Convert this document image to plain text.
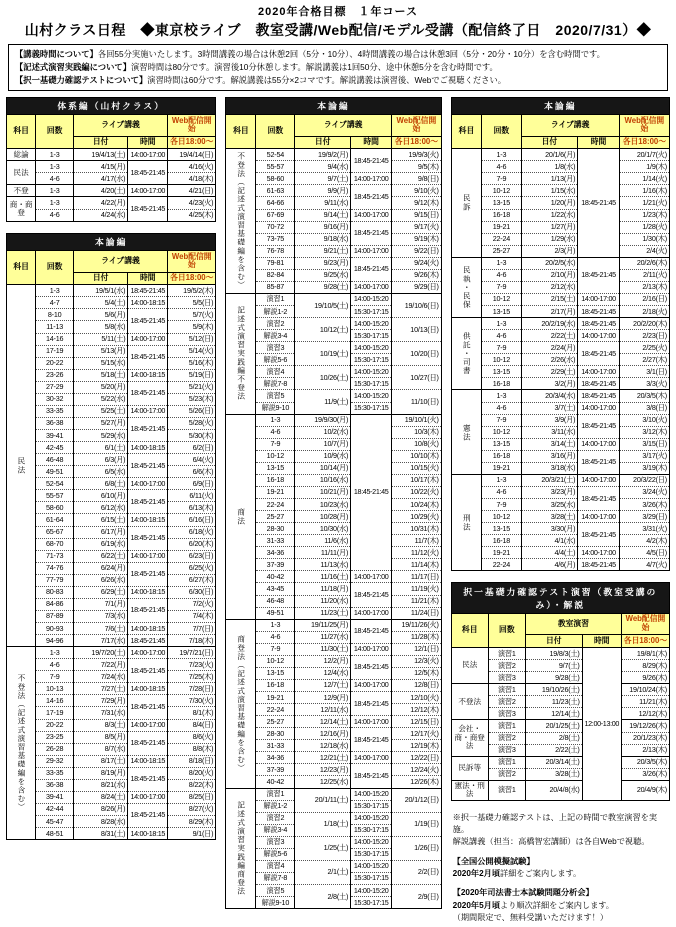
2020年合格目標　１年コース
山村クラス日程　◆東京校ライブ　教室受講/Web配信/モデル受講（配信終了日　2020/7/31）◆
【講義時間について】各回55分実施いたします。3時間講義の場合は休憩2回（5分・10分）、4時間講義の場合は休憩3回（5分・20分・10分）を含む時間です。
【記述式演習実践編について】演習時間は80分です。演習後10分休憩します。解説講義は1回50分、途中休憩5分を含む時間です。
【択一基礎力確認テストについて】演習時間は60分です。解説講義は55分×2コマです。解説講義は演習後、Webでご視聴ください。
体系編（山村クラス）
科目	回数	ライブ講義		Web配信開始
		日付	時間	各日18:00～
総論	1-3	19/4/13(土)	14:00-17:00	19/4/14(日)
民法	1-3	4/15(月)	18:45-21:45	4/16(火)
	4-6	4/17(水)		4/18(木)
不登	1-3	4/20(土)	14:00-17:00	4/21(日)
商・商登	1-3	4/22(月)	18:45-21:45	4/23(火)
	4-6	4/24(水)		4/25(木)
本論編
科目	回数	ライブ講義		Web配信開始
		日付	時間	各日18:00～
民法	1-3	19/5/1(水)	18:45-21:45	19/5/2(木)
	4-7	5/4(土)	14:00-18:15	5/5(日)
	8-10	5/6(月)	18:45-21:45	5/7(火)
	11-13	5/8(水)		5/9(木)
	14-16	5/11(土)	14:00-17:00	5/12(日)
	17-19	5/13(月)	18:45-21:45	5/14(火)
	20-22	5/15(水)		5/16(木)
	23-26	5/18(土)	14:00-18:15	5/19(日)
	27-29	5/20(月)	18:45-21:45	5/21(火)
	30-32	5/22(水)		5/23(木)
	33-35	5/25(土)	14:00-17:00	5/26(日)
	36-38	5/27(月)	18:45-21:45	5/28(火)
	39-41	5/29(水)		5/30(木)
	42-45	6/1(土)	14:00-18:15	6/2(日)
	46-48	6/3(月)	18:45-21:45	6/4(火)
	49-51	6/5(水)		6/6(木)
	52-54	6/8(土)	14:00-17:00	6/9(日)
	55-57	6/10(月)	18:45-21:45	6/11(火)
	58-60	6/12(水)		6/13(木)
	61-64	6/15(土)	14:00-18:15	6/16(日)
	65-67	6/17(月)	18:45-21:45	6/18(火)
	68-70	6/19(水)		6/20(木)
	71-73	6/22(土)	14:00-17:00	6/23(日)
	74-76	6/24(月)	18:45-21:45	6/25(火)
	77-79	6/26(水)		6/27(木)
	80-83	6/29(土)	14:00-18:15	6/30(日)
	84-86	7/1(月)	18:45-21:45	7/2(火)
	87-89	7/3(水)		7/4(木)
	90-93	7/6(土)	14:00-18:15	7/7(日)
	94-96	7/17(水)	18:45-21:45	7/18(木)
不登法（記述式演習基礎編を含む）	1-3	19/7/20(土)	14:00-17:00	19/7/21(日)
	4-6	7/22(月)	18:45-21:45	7/23(火)
	7-9	7/24(水)		7/25(木)
	10-13	7/27(土)	14:00-18:15	7/28(日)
	14-16	7/29(月)	18:45-21:45	7/30(火)
	17-19	7/31(水)		8/1(木)
	20-22	8/3(土)	14:00-17:00	8/4(日)
	23-25	8/5(月)	18:45-21:45	8/6(火)
	26-28	8/7(水)		8/8(木)
	29-32	8/17(土)	14:00-18:15	8/18(日)
	33-35	8/19(月)	18:45-21:45	8/20(火)
	36-38	8/21(水)		8/22(木)
	39-41	8/24(土)	14:00-17:00	8/25(日)
	42-44	8/26(月)	18:45-21:45	8/27(火)
	45-47	8/28(水)		8/29(木)
	48-51	8/31(土)	14:00-18:15	9/1(日)
本論編
科目	回数	ライブ講義		Web配信開始
		日付	時間	各日18:00～
不登法（記述式演習基礎編を含む）	52-54	19/9/2(月)	18:45-21:45	19/9/3(火)
	55-57	9/4(水)		9/5(木)
	58-60	9/7(土)	14:00-17:00	9/8(日)
	61-63	9/9(月)	18:45-21:45	9/10(火)
	64-66	9/11(水)		9/12(木)
	67-69	9/14(土)	14:00-17:00	9/15(日)
	70-72	9/16(月)	18:45-21:45	9/17(火)
	73-75	9/18(水)		9/19(木)
	76-78	9/21(土)	14:00-17:00	9/22(日)
	79-81	9/23(月)	18:45-21:45	9/24(火)
	82-84	9/25(水)		9/26(木)
	85-87	9/28(土)	14:00-17:00	9/29(日)
記述式演習実践編不登法	演習1	19/10/5(土)	14:00-15:20	19/10/6(日)
	解説1-2		15:30-17:15	
	演習2	10/12(土)	14:00-15:20	10/13(日)
	解説3-4		15:30-17:15	
	演習3	10/19(土)	14:00-15:20	10/20(日)
	解説5-6		15:30-17:15	
	演習4	10/26(土)	14:00-15:20	10/27(日)
	解説7-8		15:30-17:15	
	演習5	11/9(土)	14:00-15:20	11/10(日)
	解説9-10		15:30-17:15	
商法	1-3	19/9/30(月)	18:45-21:45	19/10/1(火)
	4-6	10/2(水)		10/3(木)
	7-9	10/7(月)		10/8(火)
	10-12	10/9(水)		10/10(木)
	13-15	10/14(月)		10/15(火)
	16-18	10/16(水)		10/17(木)
	19-21	10/21(月)		10/22(火)
	22-24	10/23(水)		10/24(木)
	25-27	10/28(月)		10/29(火)
	28-30	10/30(水)		10/31(木)
	31-33	11/6(水)		11/7(木)
	34-36	11/11(月)		11/12(火)
	37-39	11/13(水)		11/14(木)
	40-42	11/16(土)	14:00-17:00	11/17(日)
	43-45	11/18(月)	18:45-21:45	11/19(火)
	46-48	11/20(水)		11/21(木)
	49-51	11/23(土)	14:00-17:00	11/24(日)
商登法（記述式演習基礎編を含む）	1-3	19/11/25(月)	18:45-21:45	19/11/26(火)
	4-6	11/27(水)		11/28(木)
	7-9	11/30(土)	14:00-17:00	12/1(日)
	10-12	12/2(月)	18:45-21:45	12/3(火)
	13-15	12/4(水)		12/5(木)
	16-18	12/7(土)	14:00-17:00	12/8(日)
	19-21	12/9(月)	18:45-21:45	12/10(火)
	22-24	12/11(水)		12/12(木)
	25-27	12/14(土)	14:00-17:00	12/15(日)
	28-30	12/16(月)	18:45-21:45	12/17(火)
	31-33	12/18(水)		12/19(木)
	34-36	12/21(土)	14:00-17:00	12/22(日)
	37-39	12/23(月)	18:45-21:45	12/24(火)
	40-42	12/25(水)		12/26(木)
記述式演習実践編商登法	演習1	20/1/11(土)	14:00-15:20	20/1/12(日)
	解説1-2		15:30-17:15	
	演習2	1/18(土)	14:00-15:20	1/19(日)
	解説3-4		15:30-17:15	
	演習3	1/25(土)	14:00-15:20	1/26(日)
	解説5-6		15:30-17:15	
	演習4	2/1(土)	14:00-15:20	2/2(日)
	解説7-8		15:30-17:15	
	演習5	2/8(土)	14:00-15:20	2/9(日)
	解説9-10		15:30-17:15	
本論編
科目	回数	ライブ講義		Web配信開始
		日付	時間	各日18:00～
民訴	1-3	20/1/6(月)	18:45-21:45	20/1/7(火)
	4-6	1/8(水)		1/9(木)
	7-9	1/13(月)		1/14(火)
	10-12	1/15(水)		1/16(木)
	13-15	1/20(月)		1/21(火)
	16-18	1/22(水)		1/23(木)
	19-21	1/27(月)		1/28(火)
	22-24	1/29(水)		1/30(木)
	25-27	2/3(月)		2/4(火)
民執・民保	1-3	20/2/5(水)	18:45-21:45	20/2/6(木)
	4-6	2/10(月)		2/11(火)
	7-9	2/12(水)		2/13(木)
	10-12	2/15(土)	14:00-17:00	2/16(日)
	13-15	2/17(月)	18:45-21:45	2/18(火)
供託・司書	1-3	20/2/19(水)	18:45-21:45	20/2/20(木)
	4-6	2/22(土)	14:00-17:00	2/23(日)
	7-9	2/24(月)	18:45-21:45	2/25(火)
	10-12	2/26(水)		2/27(木)
	13-15	2/29(土)	14:00-17:00	3/1(日)
	16-18	3/2(月)	18:45-21:45	3/3(火)
憲法	1-3	20/3/4(水)	18:45-21:45	20/3/5(木)
	4-6	3/7(土)	14:00-17:00	3/8(日)
	7-9	3/9(月)	18:45-21:45	3/10(火)
	10-12	3/11(水)		3/12(木)
	13-15	3/14(土)	14:00-17:00	3/15(日)
	16-18	3/16(月)	18:45-21:45	3/17(火)
	19-21	3/18(水)		3/19(木)
刑法	1-3	20/3/21(土)	14:00-17:00	20/3/22(日)
	4-6	3/23(月)	18:45-21:45	3/24(火)
	7-9	3/25(水)		3/26(木)
	10-12	3/28(土)	14:00-17:00	3/29(日)
	13-15	3/30(月)	18:45-21:45	3/31(火)
	16-18	4/1(水)		4/2(木)
	19-21	4/4(土)	14:00-17:00	4/5(日)
	22-24	4/6(月)	18:45-21:45	4/7(火)
択一基礎力確認テスト演習（教室受講のみ）・解説
科目	回数	教室演習		Web配信開始
		日付	時間	各日18:00～
民法	演習1	19/8/3(土)	12:00-13:00	19/8/1(木)
	演習2	9/7(土)		8/29(木)
	演習3	9/28(土)		9/26(木)
不登法	演習1	19/10/26(土)		19/10/24(木)
	演習2	11/23(土)		11/21(木)
	演習3	12/14(土)		12/12(木)
会社・商・商登法	演習1	20/1/25(土)		19/12/26(木)
	演習2	2/8(土)		20/1/23(木)
	演習3	2/22(土)		2/13(木)
民訴等	演習1	20/3/14(土)		20/3/5(木)
	演習2	3/28(土)		3/26(木)
憲法・刑法	演習1	20/4/8(水)		20/4/9(木)
※択一基礎力確認テストは、上記の時間で教室演習を実施。
解説講義（担当：高橋智宏講師）は各自Webで視聴。
【全国公開模擬試験】
2020年2月頃詳細をご案内します。
【2020年司法書士本試験問題分析会】
2020年5月頃より順次詳細をご案内します。
（期間限定で、無料受講いただけます！）
